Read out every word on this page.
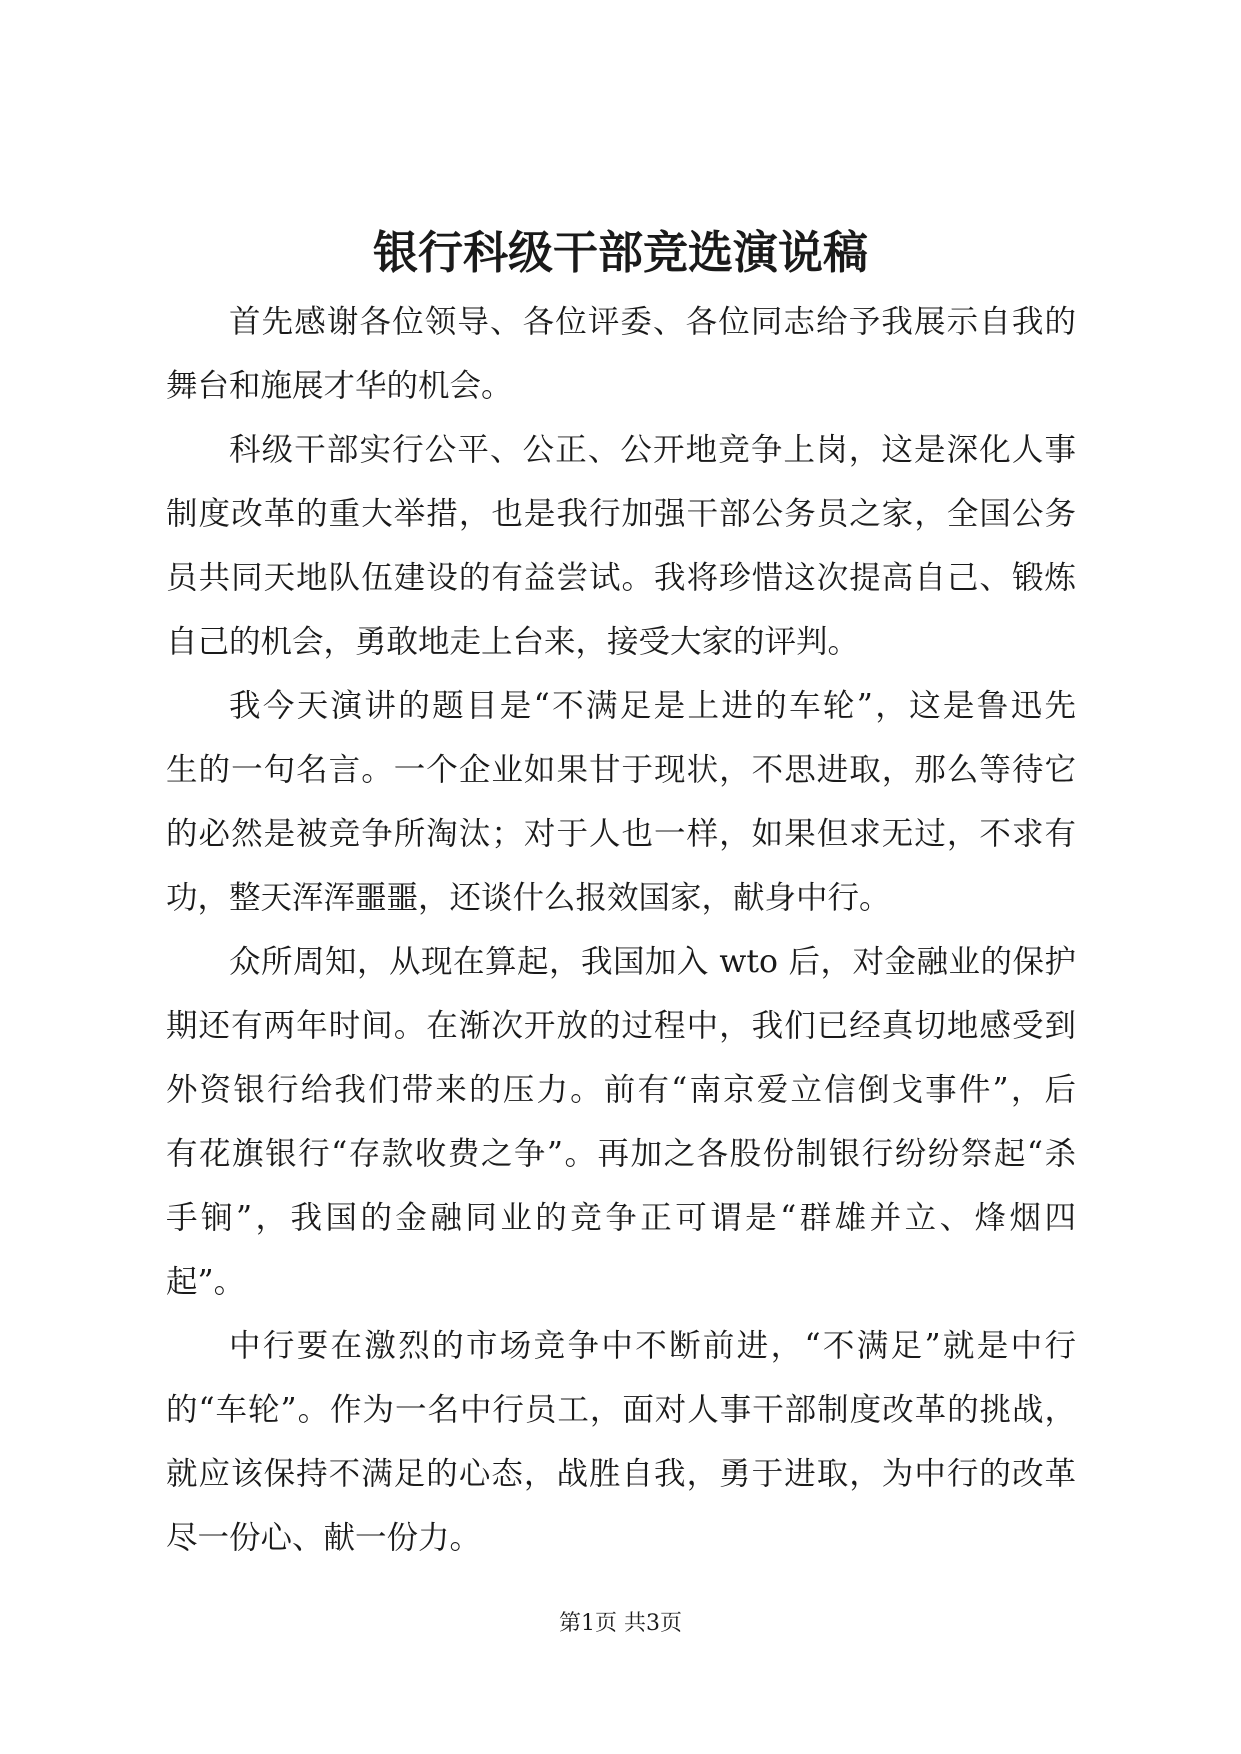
银行科级干部竞选演说稿
首先感谢各位领导、各位评委、各位同志给予我展示自我的
舞台和施展才华的机会。
科级干部实行公平、公正、公开地竞争上岗，这是深化人事
制度改革的重大举措，也是我行加强干部公务员之家，全国公务
员共同天地队伍建设的有益尝试。我将珍惜这次提高自己、锻炼
自己的机会，勇敢地走上台来，接受大家的评判。
我今天演讲的题目是“不满足是上进的车轮”，这是鲁迅先
生的一句名言。一个企业如果甘于现状，不思进取，那么等待它
的必然是被竞争所淘汰；对于人也一样，如果但求无过，不求有
功，整天浑浑噩噩，还谈什么报效国家，献身中行。
众所周知，从现在算起，我国加入 wto 后，对金融业的保护
期还有两年时间。在渐次开放的过程中，我们已经真切地感受到
外资银行给我们带来的压力。前有“南京爱立信倒戈事件”，后
有花旗银行“存款收费之争”。再加之各股份制银行纷纷祭起“杀
手锏”，我国的金融同业的竞争正可谓是“群雄并立、烽烟四
起”。
中行要在激烈的市场竞争中不断前进，“不满足”就是中行
的“车轮”。作为一名中行员工，面对人事干部制度改革的挑战，
就应该保持不满足的心态，战胜自我，勇于进取，为中行的改革
尽一份心、献一份力。
第1页 共3页
